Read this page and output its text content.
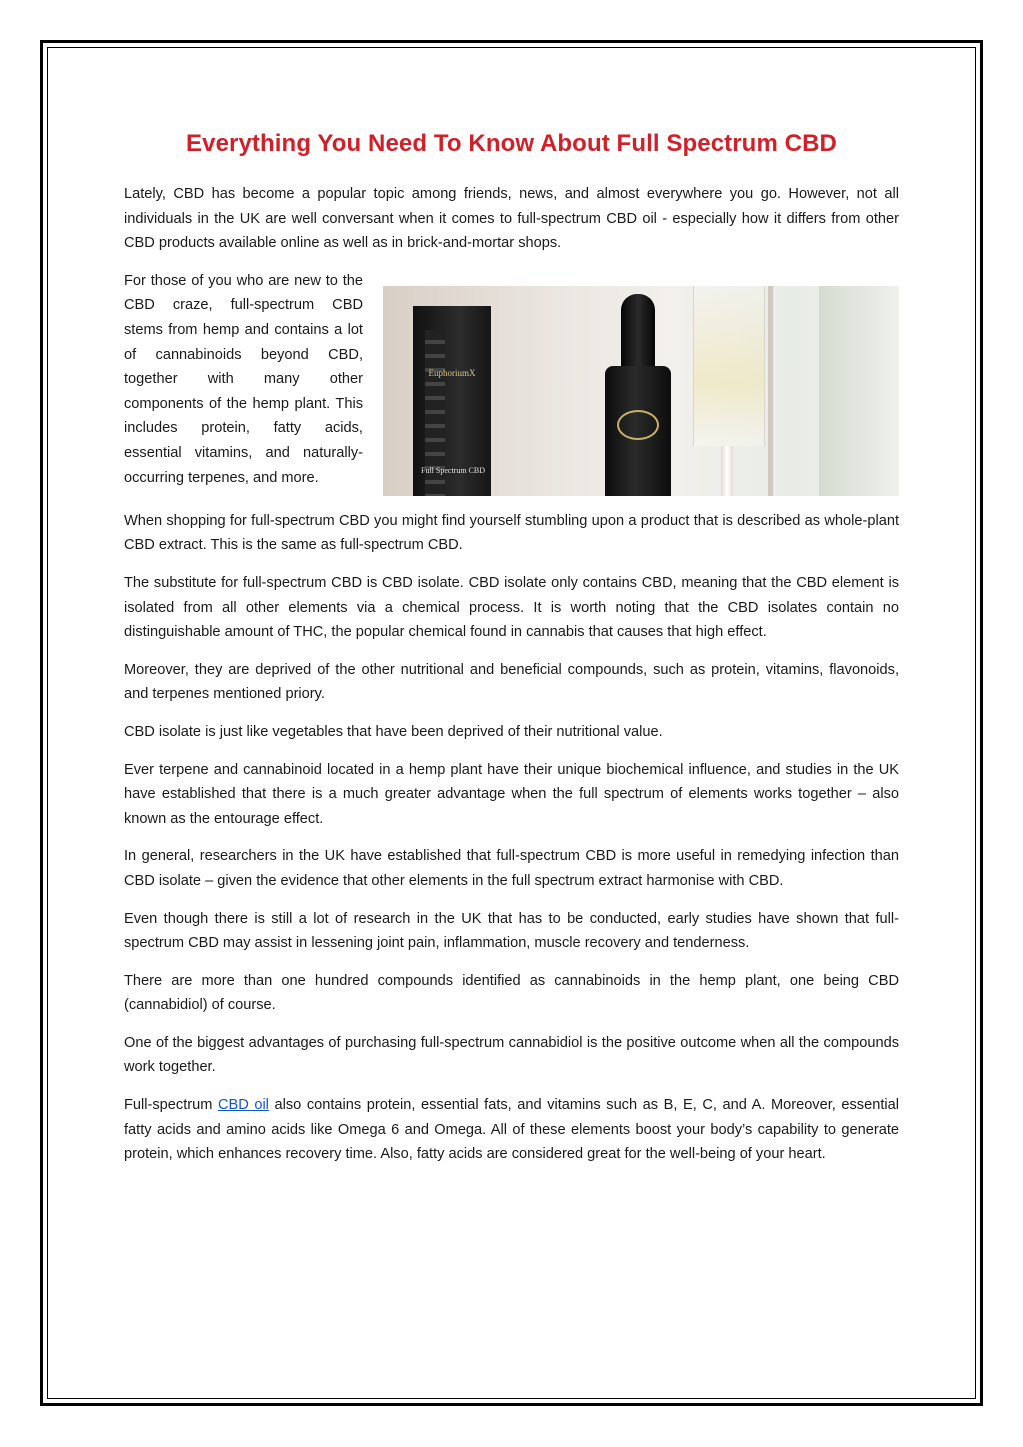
Everything You Need To Know About Full Spectrum CBD

Lately, CBD has become a popular topic among friends, news, and almost everywhere you go. However, not all individuals in the UK are well conversant when it comes to full-spectrum CBD oil - especially how it differs from other CBD products available online as well as in brick-and-mortar shops.

For those of you who are new to the CBD craze, full-spectrum CBD stems from hemp and contains a lot of cannabinoids beyond CBD, together with many other components of the hemp plant. This includes protein, fatty acids, essential vitamins, and naturally-occurring terpenes, and more.

EuphoriumX
Full Spectrum CBD

When shopping for full-spectrum CBD you might find yourself stumbling upon a product that is described as whole-plant CBD extract. This is the same as full-spectrum CBD.

The substitute for full-spectrum CBD is CBD isolate. CBD isolate only contains CBD, meaning that the CBD element is isolated from all other elements via a chemical process. It is worth noting that the CBD isolates contain no distinguishable amount of THC, the popular chemical found in cannabis that causes that high effect.

Moreover, they are deprived of the other nutritional and beneficial compounds, such as protein, vitamins, flavonoids, and terpenes mentioned priory.

CBD isolate is just like vegetables that have been deprived of their nutritional value.

Ever terpene and cannabinoid located in a hemp plant have their unique biochemical influence, and studies in the UK have established that there is a much greater advantage when the full spectrum of elements works together – also known as the entourage effect.

In general, researchers in the UK have established that full-spectrum CBD is more useful in remedying infection than CBD isolate – given the evidence that other elements in the full spectrum extract harmonise with CBD.

Even though there is still a lot of research in the UK that has to be conducted, early studies have shown that full-spectrum CBD may assist in lessening joint pain, inflammation, muscle recovery and tenderness.

There are more than one hundred compounds identified as cannabinoids in the hemp plant, one being CBD (cannabidiol) of course.

One of the biggest advantages of purchasing full-spectrum cannabidiol is the positive outcome when all the compounds work together.

Full-spectrum CBD oil also contains protein, essential fats, and vitamins such as B, E, C, and A. Moreover, essential fatty acids and amino acids like Omega 6 and Omega. All of these elements boost your body’s capability to generate protein, which enhances recovery time. Also, fatty acids are considered great for the well-being of your heart.
